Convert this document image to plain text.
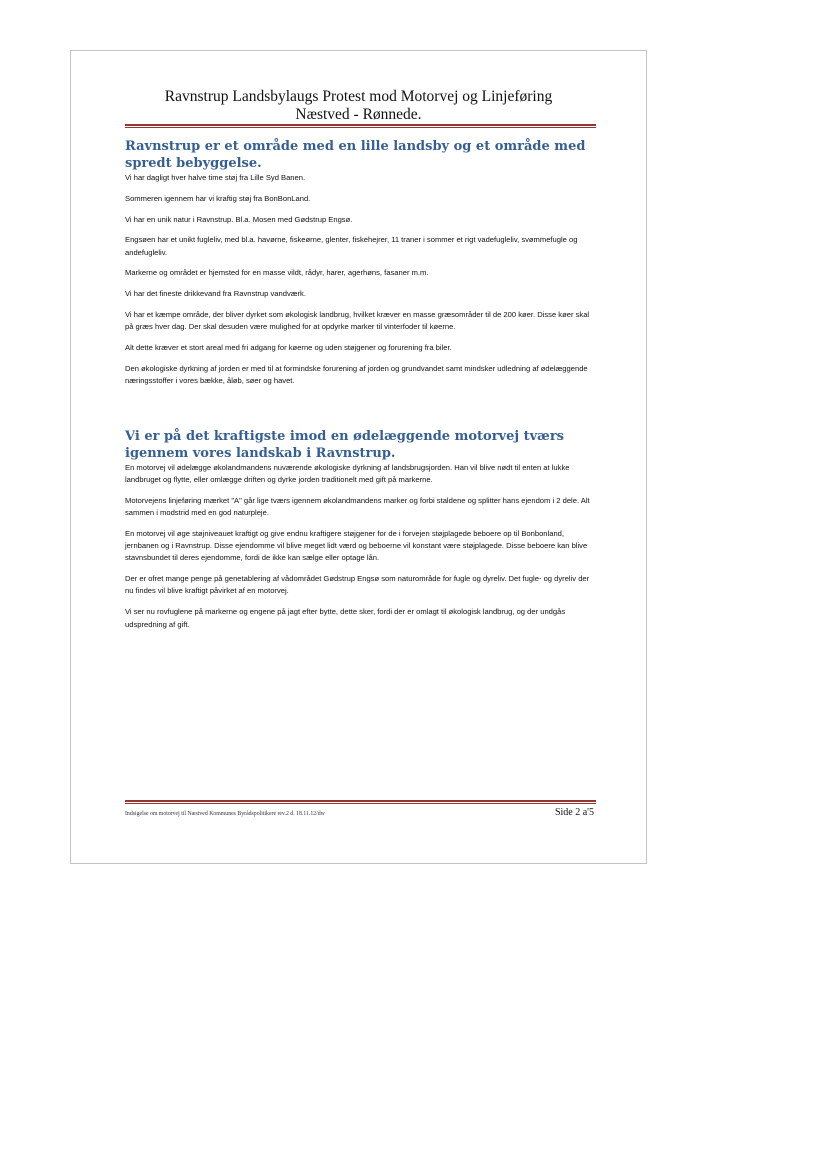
Ravnstrup Landsbylaugs Protest mod Motorvej og Linjeføring
Næstved - Rønnede.
Ravnstrup er et område med en lille landsby og et område med spredt bebyggelse.

Vi har dagligt hver halve time støj fra Lille Syd Banen.

Sommeren igennem har vi kraftig støj fra BonBonLand.

Vi har en unik natur i Ravnstrup. Bl.a. Mosen med Gødstrup Engsø.

Engsøen har et unikt fugleliv, med bl.a. havørne, fiskeørne, glenter, fiskehejrer, 11 traner i sommer et rigt vadefugleliv, svømmefugle og andefugleliv.

Markerne og området er hjemsted for en masse vildt, rådyr, harer, agerhøns, fasaner m.m.

Vi har det fineste drikkevand fra Ravnstrup vandværk.

Vi har et kæmpe område, der bliver dyrket som økologisk landbrug, hvilket kræver en masse græsområder til de 200 køer. Disse køer skal på græs hver dag. Der skal desuden være mulighed for at opdyrke marker til vinterfoder til køerne.

Alt dette kræver et stort areal med fri adgang for køerne og uden støjgener og forurening fra biler.

Den økologiske dyrkning af jorden er med til at formindske forurening af jorden og grundvandet samt mindsker udledning af ødelæggende næringsstoffer i vores bække, åløb, søer og havet.

Vi er på det kraftigste imod en ødelæggende motorvej tværs igennem vores landskab i Ravnstrup.

En motorvej vil ødelægge økolandmandens nuværende økologiske dyrkning af landsbrugsjorden. Han vil blive nødt til enten at lukke landbruget og flytte, eller omlægge driften og dyrke jorden traditionelt med gift på markerne.

Motorvejens linjeføring mærket "A" går lige tværs igennem økolandmandens marker og forbi staldene og splitter hans ejendom i 2 dele. Alt sammen i modstrid med en god naturpleje.

En motorvej vil øge støjniveauet kraftigt og give endnu kraftigere støjgener for de i forvejen støjplagede beboere op til Bonbonland, jernbanen og i Ravnstrup. Disse ejendomme vil blive meget lidt værd og beboerne vil konstant være støjplagede. Disse beboere kan blive stavnsbundet til deres ejendomme, fordi de ikke kan sælge eller optage lån.

Der er ofret mange penge på genetablering af vådområdet Gødstrup Engsø som naturområde for fugle og dyreliv. Det fugle- og dyreliv der nu findes vil blive kraftigt påvirket af en motorvej.

Vi ser nu rovfuglene på markerne og engene på jagt efter bytte, dette sker, fordi der er omlagt til økologisk landbrug, og der undgås udspredning af gift.

Indsigelse om motorvej til Næstved Kommunes Byrådspolitikere rev.2 d. 18.11.12/dw	Side 2 a'5
